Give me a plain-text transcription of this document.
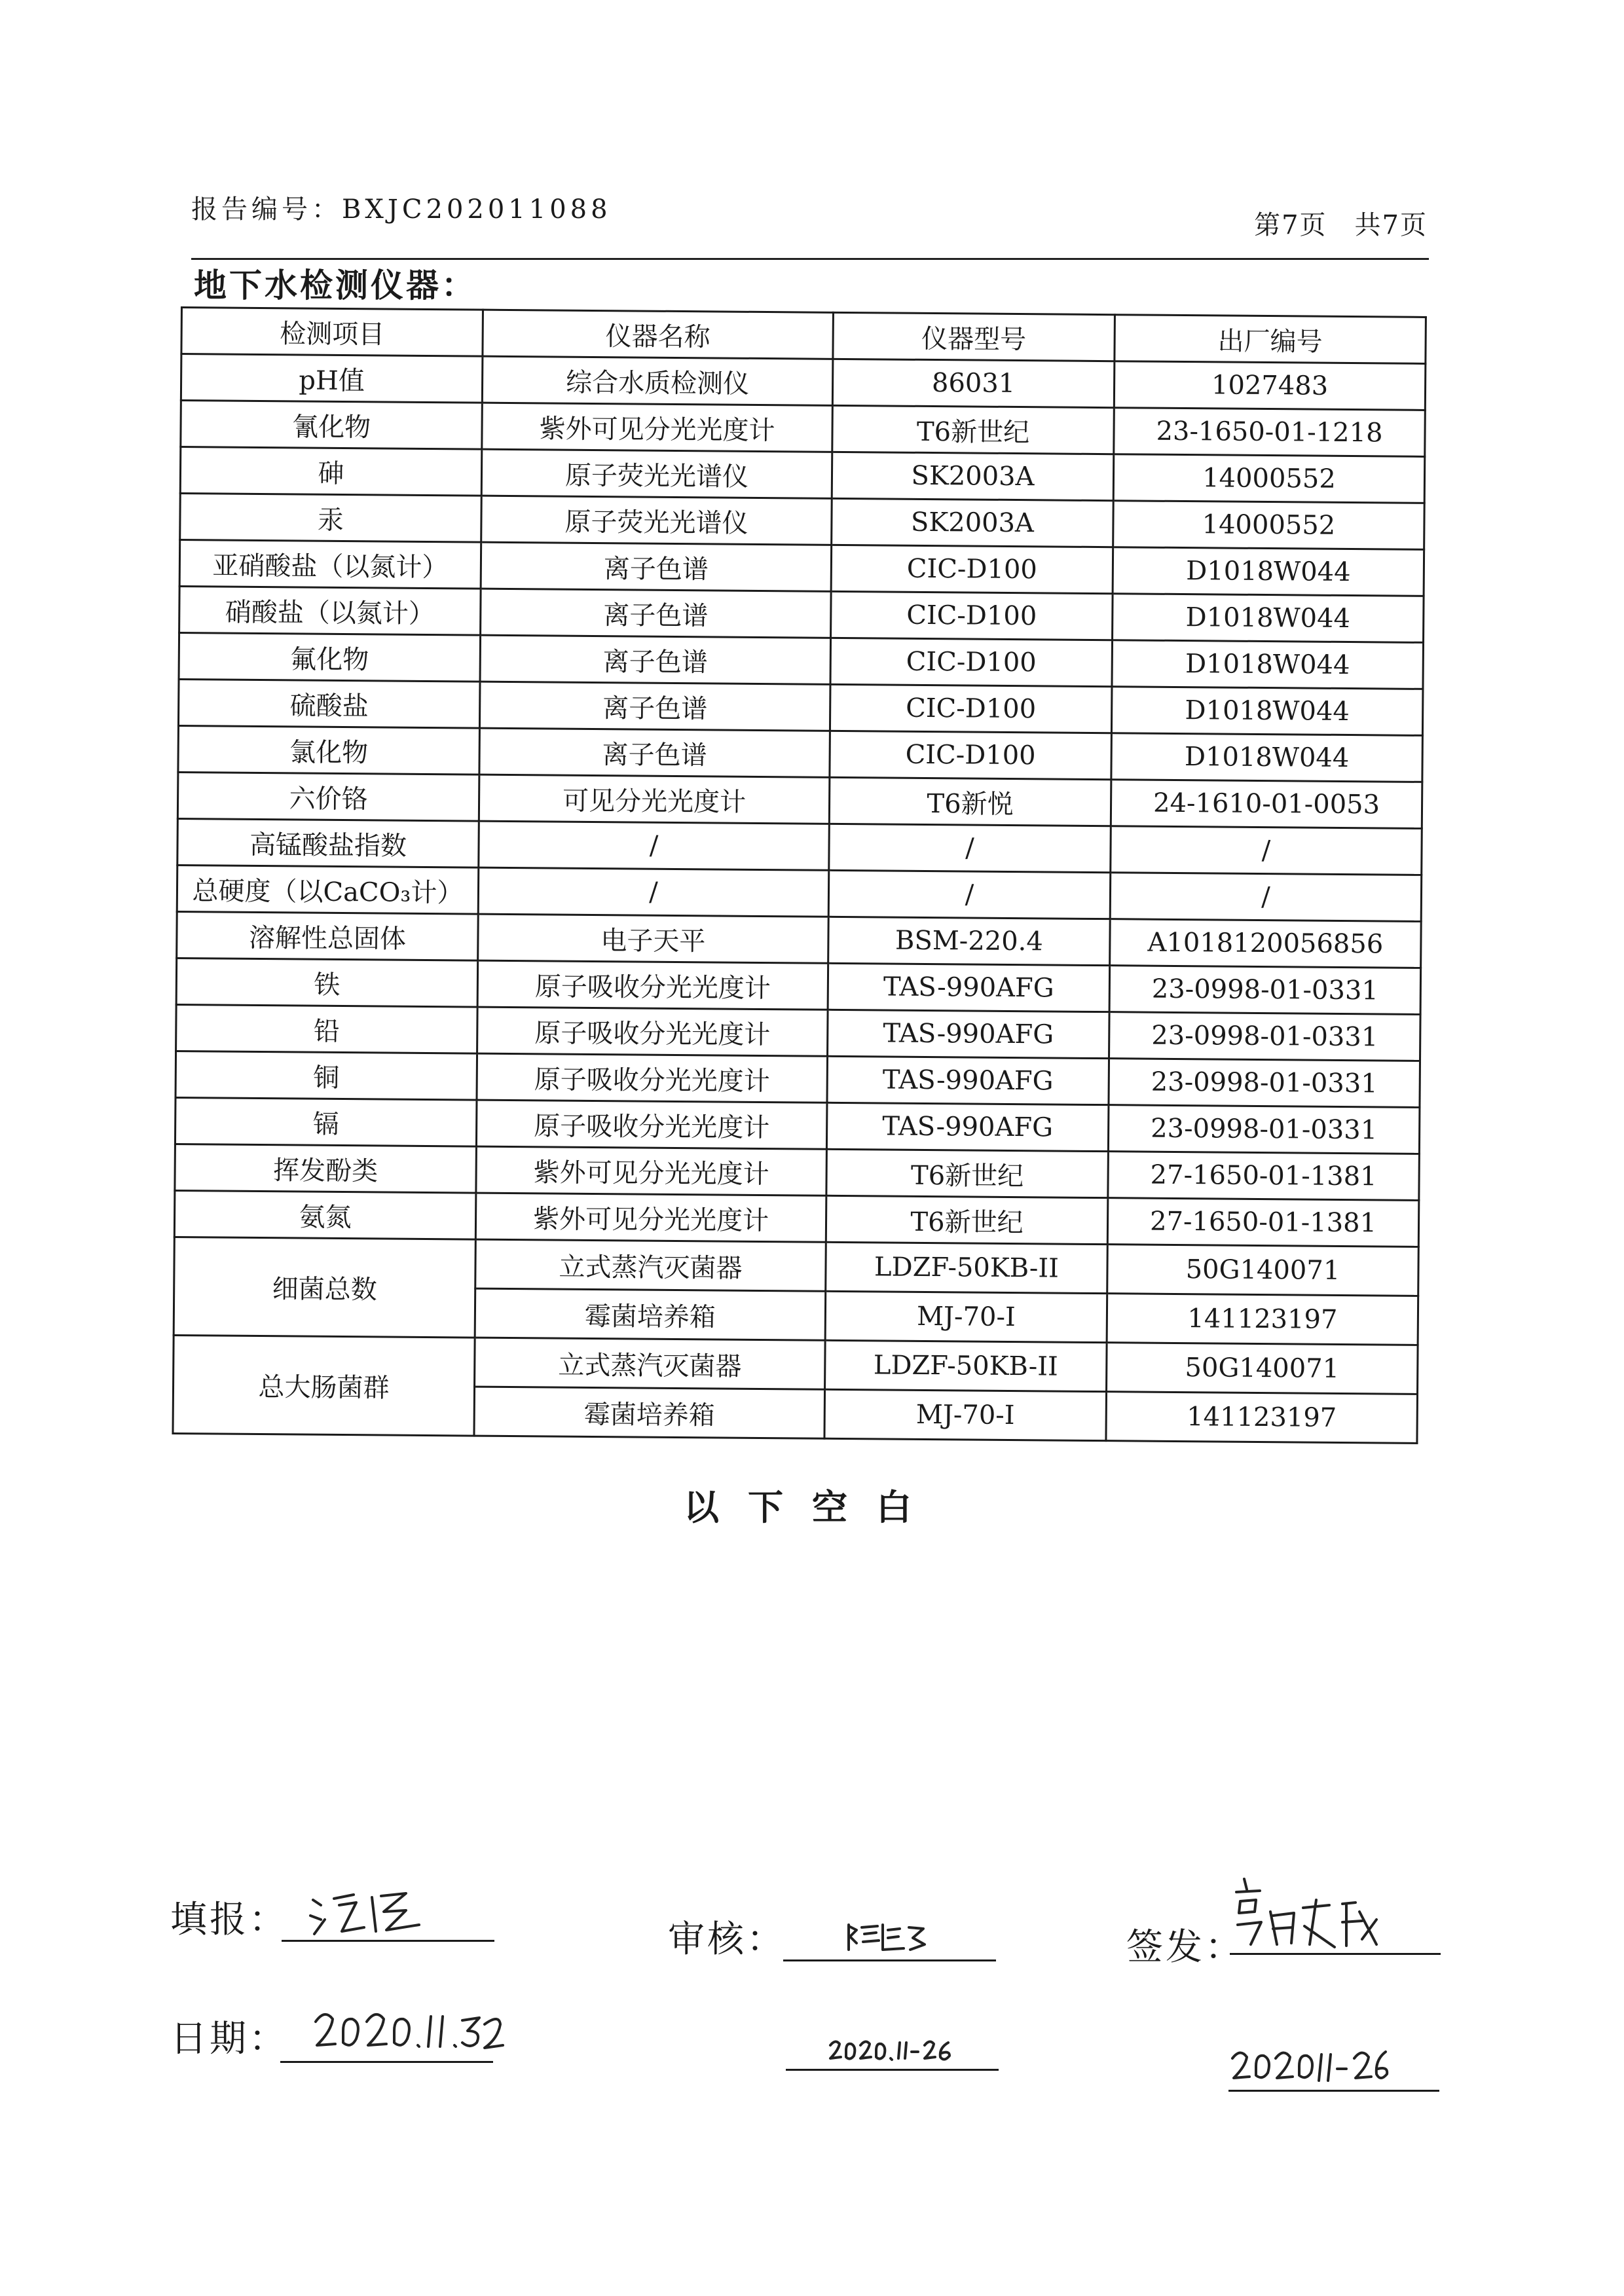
报告编号：BXJC202011088
第7页　共7页
地下水检测仪器：
检测项目	仪器名称	仪器型号	出厂编号
pH值	综合水质检测仪	86031	1027483
氰化物	紫外可见分光光度计	T6新世纪	23-1650-01-1218
砷	原子荧光光谱仪	SK2003A	14000552
汞	原子荧光光谱仪	SK2003A	14000552
亚硝酸盐（以氮计）	离子色谱	CIC-D100	D1018W044
硝酸盐（以氮计）	离子色谱	CIC-D100	D1018W044
氟化物	离子色谱	CIC-D100	D1018W044
硫酸盐	离子色谱	CIC-D100	D1018W044
氯化物	离子色谱	CIC-D100	D1018W044
六价铬	可见分光光度计	T6新悦	24-1610-01-0053
高锰酸盐指数	/	/	/
总硬度（以CaCO₃计）	/	/	/
溶解性总固体	电子天平	BSM-220.4	A1018120056856
铁	原子吸收分光光度计	TAS-990AFG	23-0998-01-0331
铅	原子吸收分光光度计	TAS-990AFG	23-0998-01-0331
铜	原子吸收分光光度计	TAS-990AFG	23-0998-01-0331
镉	原子吸收分光光度计	TAS-990AFG	23-0998-01-0331
挥发酚类	紫外可见分光光度计	T6新世纪	27-1650-01-1381
氨氮	紫外可见分光光度计	T6新世纪	27-1650-01-1381
细菌总数	立式蒸汽灭菌器	LDZF-50KB-II	50G140071
	霉菌培养箱	MJ-70-I	141123197
总大肠菌群	立式蒸汽灭菌器	LDZF-50KB-II	50G140071
	霉菌培养箱	MJ-70-I	141123197
以下空白
填报：	审核：	签发：
日期：
